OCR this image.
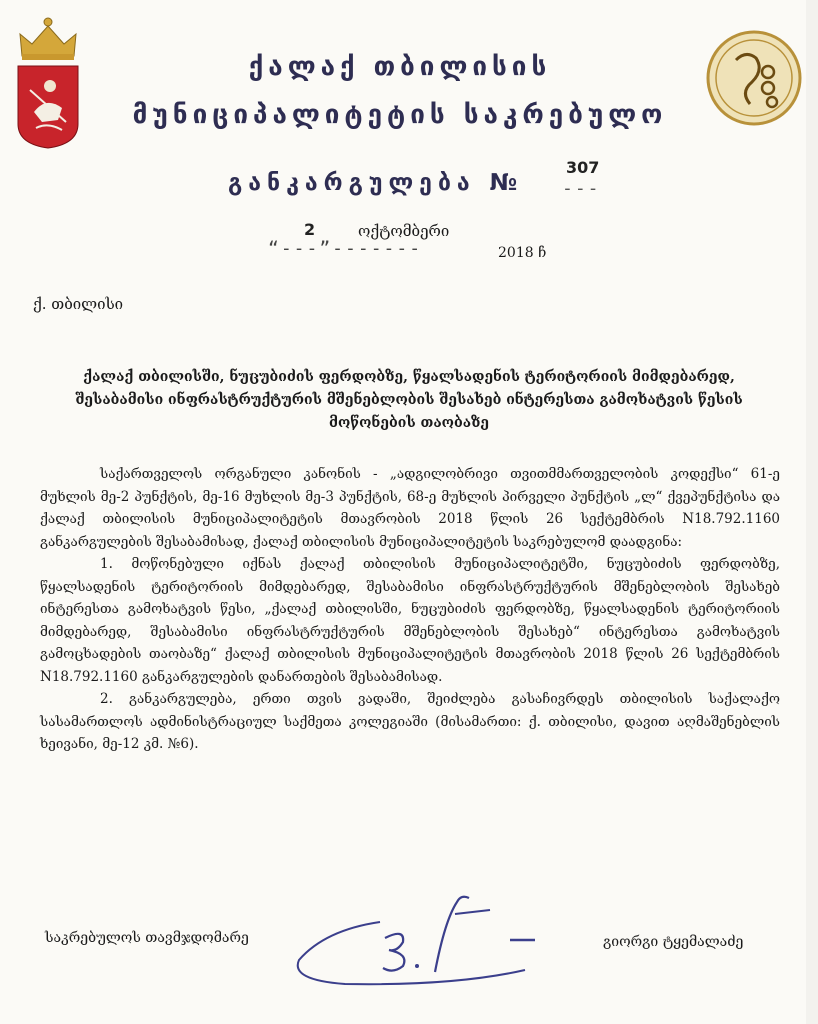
ქალაქ თბილისის
მუნიციპალიტეტის საკრებულო
განკარგულება №
307
---
2	ოქტომბერი
“---”-------	2018 ჩ
ქ. თბილისი
ქალაქ თბილისში, ნუცუბიძის ფერდობზე, წყალსადენის ტერიტორიის მიმდებარედ, შესაბამისი ინფრასტრუქტურის მშენებლობის შესახებ ინტერესთა გამოხატვის წესის მოწონების თაობაზე

საქართველოს ორგანული კანონის - „ადგილობრივი თვითმმართველობის კოდექსი“ 61-ე მუხლის მე-2 პუნქტის, მე-16 მუხლის მე-3 პუნქტის, 68-ე მუხლის პირველი პუნქტის „ლ“ ქვეპუნქტისა და ქალაქ თბილისის მუნიციპალიტეტის მთავრობის 2018 წლის 26 სექტემბრის N18.792.1160 განკარგულების შესაბამისად, ქალაქ თბილისის მუნიციპალიტეტის საკრებულომ დაადგინა:

1. მოწონებული იქნას ქალაქ თბილისის მუნიციპალიტეტში, ნუცუბიძის ფერდობზე, წყალსადენის ტერიტორიის მიმდებარედ, შესაბამისი ინფრასტრუქტურის მშენებლობის შესახებ ინტერესთა გამოხატვის წესი, „ქალაქ თბილისში, ნუცუბიძის ფერდობზე, წყალსადენის ტერიტორიის მიმდებარედ, შესაბამისი ინფრასტრუქტურის მშენებლობის შესახებ“ ინტერესთა გამოხატვის გამოცხადების თაობაზე“ ქალაქ თბილისის მუნიციპალიტეტის მთავრობის 2018 წლის 26 სექტემბრის N18.792.1160 განკარგულების დანართების შესაბამისად.

2. განკარგულება, ერთი თვის ვადაში, შეიძლება გასაჩივრდეს თბილისის საქალაქო სასამართლოს ადმინისტრაციულ საქმეთა კოლეგიაში (მისამართი: ქ. თბილისი, დავით აღმაშენებლის ხეივანი, მე-12 კმ. №6).

საკრებულოს თავმჯდომარე	გიორგი ტყემალაძე
